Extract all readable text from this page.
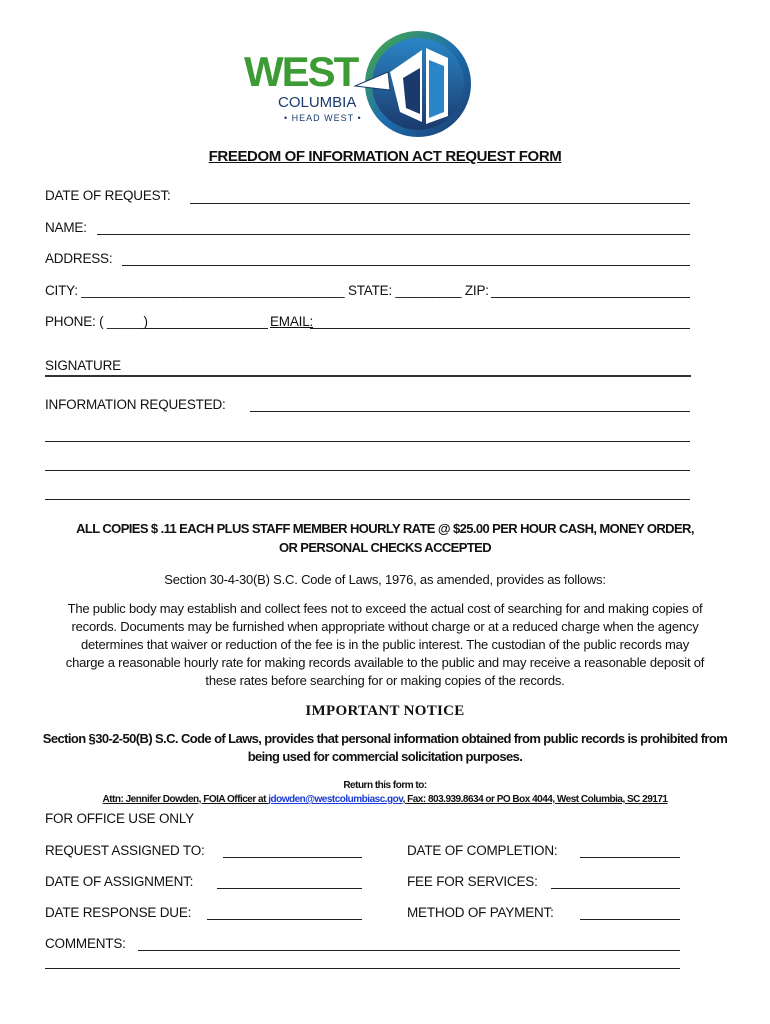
WEST
COLUMBIA
• HEAD WEST •
FREEDOM OF INFORMATION ACT REQUEST FORM
DATE OF REQUEST:
NAME:
ADDRESS:
CITY: ____________________________________ STATE: _________ ZIP:
PHONE: ( _____)	EMAIL:
SIGNATURE
INFORMATION REQUESTED:
ALL COPIES $ .11 EACH PLUS STAFF MEMBER HOURLY RATE @ $25.00 PER HOUR CASH, MONEY ORDER,
OR PERSONAL CHECKS ACCEPTED
Section 30-4-30(B) S.C. Code of Laws, 1976, as amended, provides as follows:
The public body may establish and collect fees not to exceed the actual cost of searching for and making copies of
records. Documents may be furnished when appropriate without charge or at a reduced charge when the agency
determines that waiver or reduction of the fee is in the public interest. The custodian of the public records may
charge a reasonable hourly rate for making records available to the public and may receive a reasonable deposit of
these rates before searching for or making copies of the records.
IMPORTANT NOTICE
Section §30-2-50(B) S.C. Code of Laws, provides that personal information obtained from public records is prohibited from
being used for commercial solicitation purposes.
Return this form to:
Attn: Jennifer Dowden, FOIA Officer at jdowden@westcolumbiasc.gov, Fax: 803.939.8634 or PO Box 4044, West Columbia, SC 29171
FOR OFFICE USE ONLY
REQUEST ASSIGNED TO:	DATE OF COMPLETION:
DATE OF ASSIGNMENT:	FEE FOR SERVICES:
DATE RESPONSE DUE:	METHOD OF PAYMENT:
COMMENTS:
